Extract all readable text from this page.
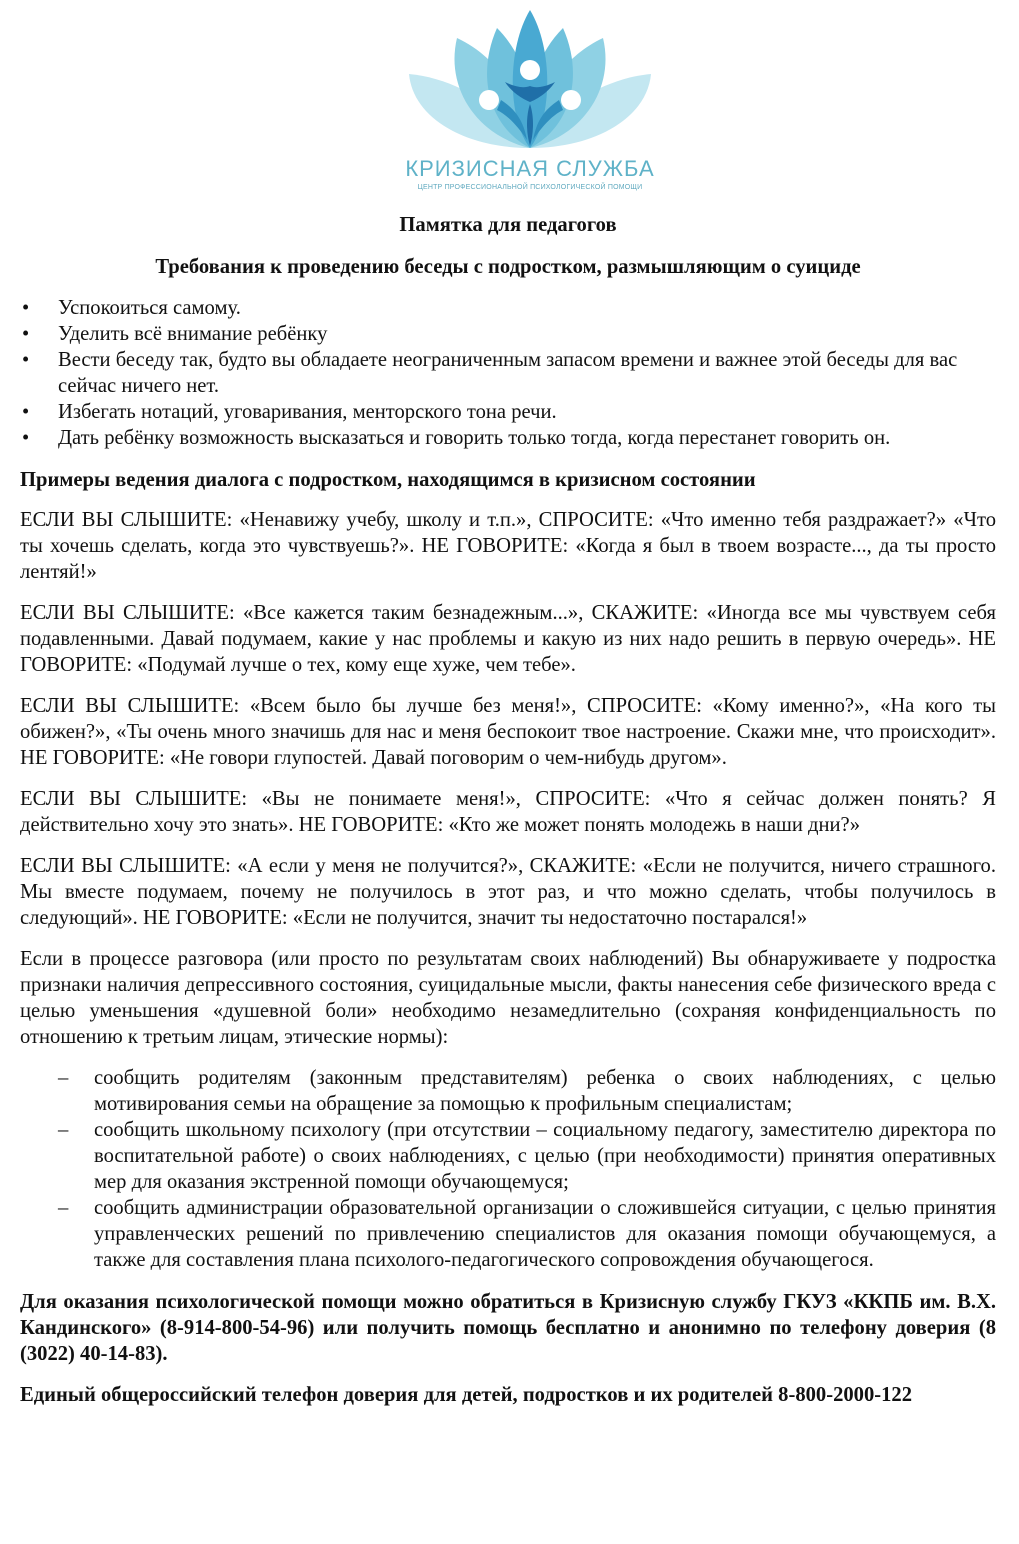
КРИЗИСНАЯ СЛУЖБА
ЦЕНТР ПРОФЕССИОНАЛЬНОЙ ПСИХОЛОГИЧЕСКОЙ ПОМОЩИ
Памятка для педагогов
Требования к проведению беседы с подростком, размышляющим о суициде
• Успокоиться самому.
• Уделить всё внимание ребёнку
• Вести беседу так, будто вы обладаете неограниченным запасом времени и важнее этой беседы для вас сейчас ничего нет.
• Избегать нотаций, уговаривания, менторского тона речи.
• Дать ребёнку возможность высказаться и говорить только тогда, когда перестанет говорить он.
Примеры ведения диалога с подростком, находящимся в кризисном состоянии

ЕСЛИ ВЫ СЛЫШИТЕ: «Ненавижу учебу, школу и т.п.», СПРОСИТЕ: «Что именно тебя раздражает?» «Что ты хочешь сделать, когда это чувствуешь?». НЕ ГОВОРИТЕ: «Когда я был в твоем возрасте..., да ты просто лентяй!»

ЕСЛИ ВЫ СЛЫШИТЕ: «Все кажется таким безнадежным...», СКАЖИТЕ: «Иногда все мы чувствуем себя подавленными. Давай подумаем, какие у нас проблемы и какую из них надо решить в первую очередь». НЕ ГОВОРИТЕ: «Подумай лучше о тех, кому еще хуже, чем тебе».

ЕСЛИ ВЫ СЛЫШИТЕ: «Всем было бы лучше без меня!», СПРОСИТЕ: «Кому именно?», «На кого ты обижен?», «Ты очень много значишь для нас и меня беспокоит твое настроение. Скажи мне, что происходит». НЕ ГОВОРИТЕ: «Не говори глупостей. Давай поговорим о чем-нибудь другом».

ЕСЛИ ВЫ СЛЫШИТЕ: «Вы не понимаете меня!», СПРОСИТЕ: «Что я сейчас должен понять? Я действительно хочу это знать». НЕ ГОВОРИТЕ: «Кто же может понять молодежь в наши дни?»

ЕСЛИ ВЫ СЛЫШИТЕ: «А если у меня не получится?», СКАЖИТЕ: «Если не получится, ничего страшного. Мы вместе подумаем, почему не получилось в этот раз, и что можно сделать, чтобы получилось в следующий». НЕ ГОВОРИТЕ: «Если не получится, значит ты недостаточно постарался!»

Если в процессе разговора (или просто по результатам своих наблюдений) Вы обнаруживаете у подростка признаки наличия депрессивного состояния, суицидальные мысли, факты нанесения себе физического вреда с целью уменьшения «душевной боли» необходимо незамедлительно (сохраняя конфиденциальность по отношению к третьим лицам, этические нормы):

– сообщить родителям (законным представителям) ребенка о своих наблюдениях, с целью мотивирования семьи на обращение за помощью к профильным специалистам;
– сообщить школьному психологу (при отсутствии – социальному педагогу, заместителю директора по воспитательной работе) о своих наблюдениях, с целью (при необходимости) принятия оперативных мер для оказания экстренной помощи обучающемуся;
– сообщить администрации образовательной организации о сложившейся ситуации, с целью принятия управленческих решений по привлечению специалистов для оказания помощи обучающемуся, а также для составления плана психолого-педагогического сопровождения обучающегося.

Для оказания психологической помощи можно обратиться в Кризисную службу ГКУЗ «ККПБ им. В.Х. Кандинского» (8-914-800-54-96) или получить помощь бесплатно и анонимно по телефону доверия (8 (3022) 40-14-83).

Единый общероссийский телефон доверия для детей, подростков и их родителей 8-800-2000-122
